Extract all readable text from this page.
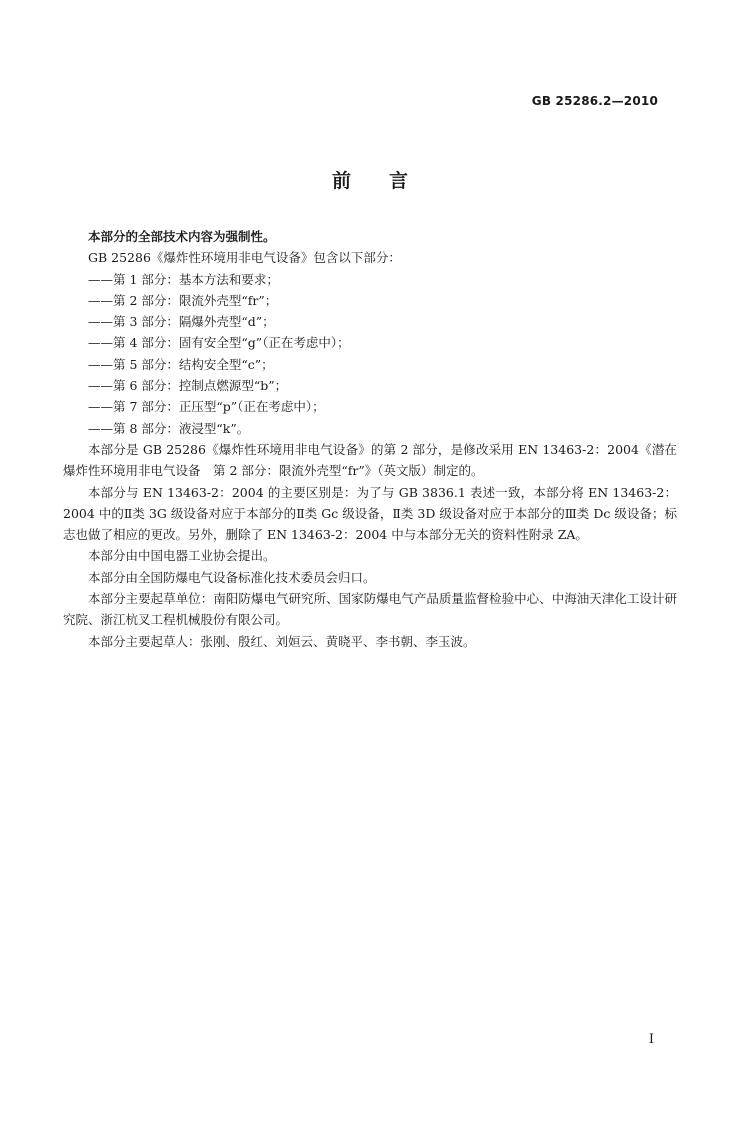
GB 25286.2—2010
前言

本部分的全部技术内容为强制性。

GB 25286《爆炸性环境用非电气设备》包含以下部分：

——第 1 部分：基本方法和要求；

——第 2 部分：限流外壳型“fr”；

——第 3 部分：隔爆外壳型“d”；

——第 4 部分：固有安全型“g”（正在考虑中）；

——第 5 部分：结构安全型“c”；

——第 6 部分：控制点燃源型“b”；

——第 7 部分：正压型“p”（正在考虑中）；

——第 8 部分：液浸型“k”。

本部分是 GB 25286《爆炸性环境用非电气设备》的第 2 部分，是修改采用 EN 13463-2：2004《潜在爆炸性环境用非电气设备　第 2 部分：限流外壳型“fr”》（英文版）制定的。

本部分与 EN 13463-2：2004 的主要区别是：为了与 GB 3836.1 表述一致，本部分将 EN 13463-2：2004 中的Ⅱ类 3G 级设备对应于本部分的Ⅱ类 Gc 级设备，Ⅱ类 3D 级设备对应于本部分的Ⅲ类 Dc 级设备；标志也做了相应的更改。另外，删除了 EN 13463-2：2004 中与本部分无关的资料性附录 ZA。

本部分由中国电器工业协会提出。

本部分由全国防爆电气设备标准化技术委员会归口。

本部分主要起草单位：南阳防爆电气研究所、国家防爆电气产品质量监督检验中心、中海油天津化工设计研究院、浙江杭叉工程机械股份有限公司。

本部分主要起草人：张刚、殷红、刘姮云、黄晓平、李书朝、李玉波。

I
